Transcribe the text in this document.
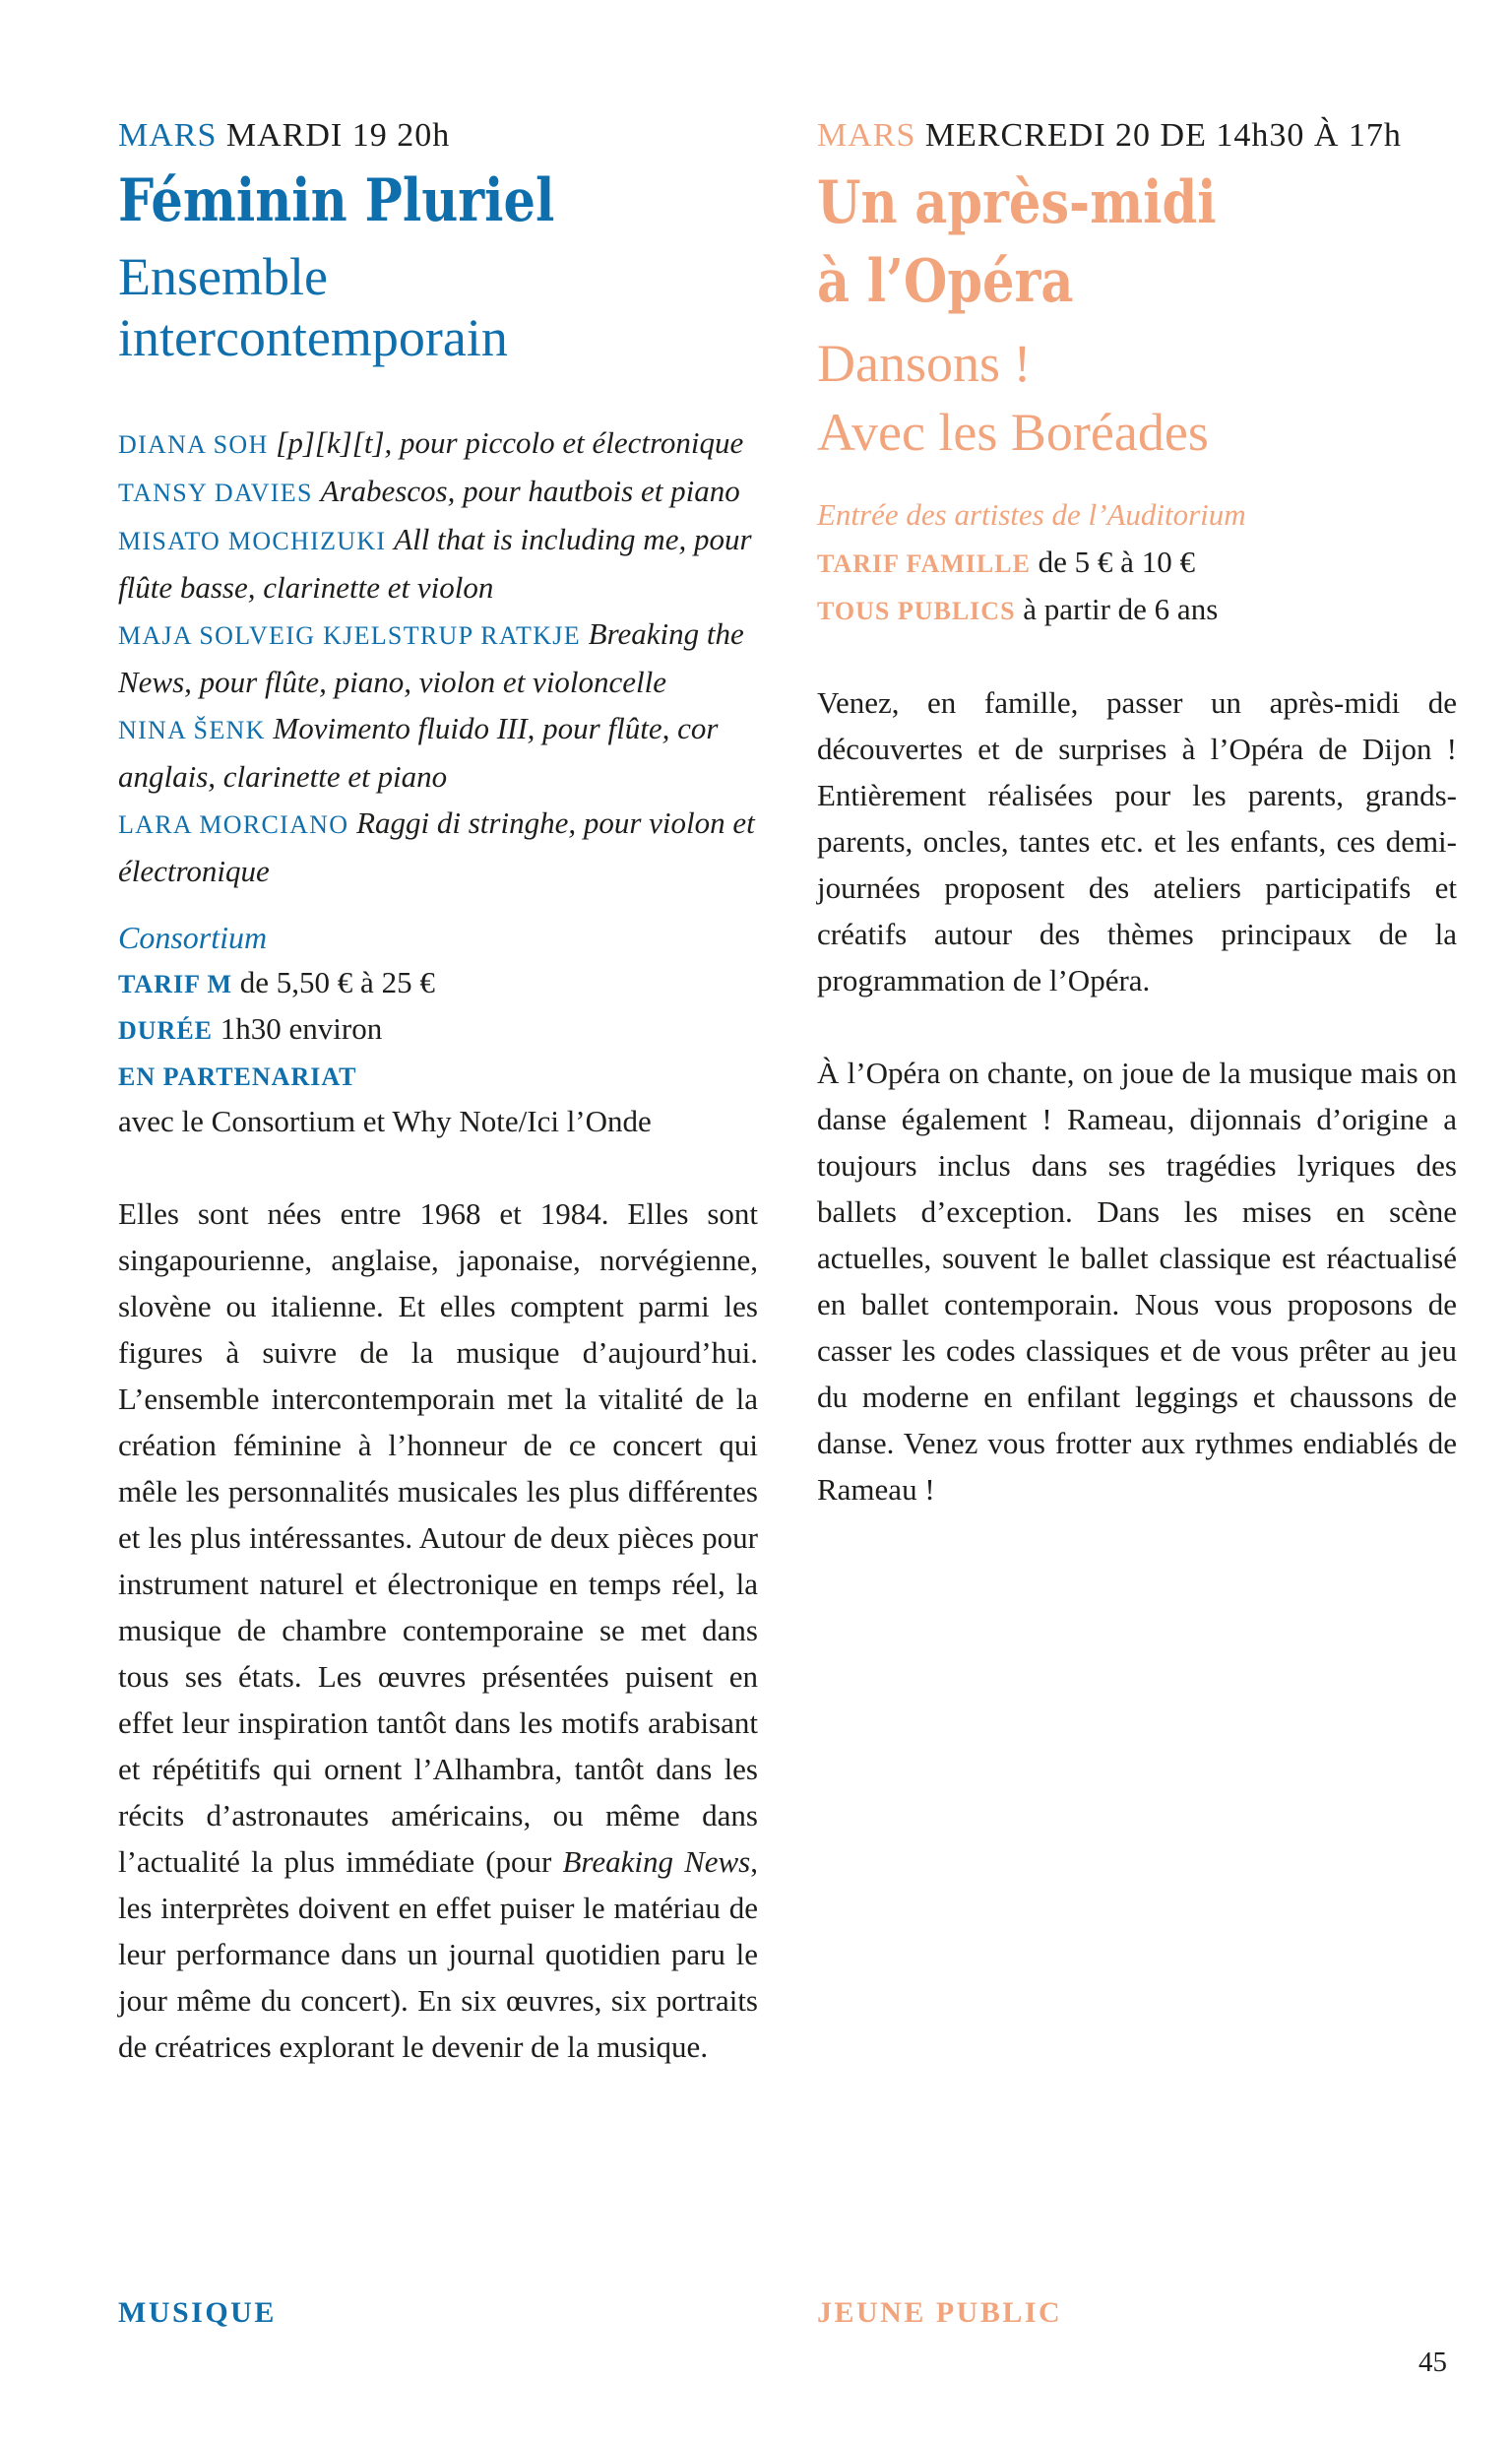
MARS MARDI 19 20h

Féminin Pluriel
Ensemble
intercontemporain

DIANA SOH [p][k][t], pour piccolo et électronique

TANSY DAVIES Arabescos, pour hautbois et piano

MISATO MOCHIZUKI All that is including me, pour flûte basse, clarinette et violon

MAJA SOLVEIG KJELSTRUP RATKJE Breaking the News, pour flûte, piano, violon et violoncelle

NINA ŠENK Movimento fluido III, pour flûte, cor anglais, clarinette et piano

LARA MORCIANO Raggi di stringhe, pour violon et électronique

Consortium

TARIF M de 5,50 € à 25 €

DURÉE 1h30 environ

EN PARTENARIAT

avec le Consortium et Why Note/Ici l’Onde

Elles sont nées entre 1968 et 1984. Elles sont singapourienne, anglaise, japonaise, norvégienne, slovène ou italienne. Et elles comptent parmi les figures à suivre de la musique d’aujourd’hui. L’ensemble intercontemporain met la vitalité de la création féminine à l’honneur de ce concert qui mêle les personnalités musicales les plus différentes et les plus intéressantes. Autour de deux pièces pour instrument naturel et électronique en temps réel, la musique de chambre contemporaine se met dans tous ses états. Les œuvres présentées puisent en effet leur inspiration tantôt dans les motifs arabisant et répétitifs qui ornent l’Alhambra, tantôt dans les récits d’astronautes américains, ou même dans l’actualité la plus immédiate (pour Breaking News, les interprètes doivent en effet puiser le matériau de leur performance dans un journal quotidien paru le jour même du concert). En six œuvres, six portraits de créatrices explorant le devenir de la musique.

MARS MERCREDI 20 DE 14h30 À 17h

Un après-midi
à l’Opéra
Dansons !
Avec les Boréades

Entrée des artistes de l’Auditorium

TARIF FAMILLE de 5 € à 10 €

TOUS PUBLICS à partir de 6 ans

Venez, en famille, passer un après-midi de découvertes et de surprises à l’Opéra de Dijon ! Entièrement réalisées pour les parents, grands-parents, oncles, tantes etc. et les enfants, ces demi-journées proposent des ateliers participatifs et créatifs autour des thèmes principaux de la programmation de l’Opéra.

À l’Opéra on chante, on joue de la musique mais on danse également ! Rameau, dijonnais d’origine a toujours inclus dans ses tragédies lyriques des ballets d’exception. Dans les mises en scène actuelles, souvent le ballet classique est réactualisé en ballet contemporain. Nous vous proposons de casser les codes classiques et de vous prêter au jeu du moderne en enfilant leggings et chaussons de danse. Venez vous frotter aux rythmes endiablés de Rameau !

MUSIQUE	JEUNE PUBLIC

45
